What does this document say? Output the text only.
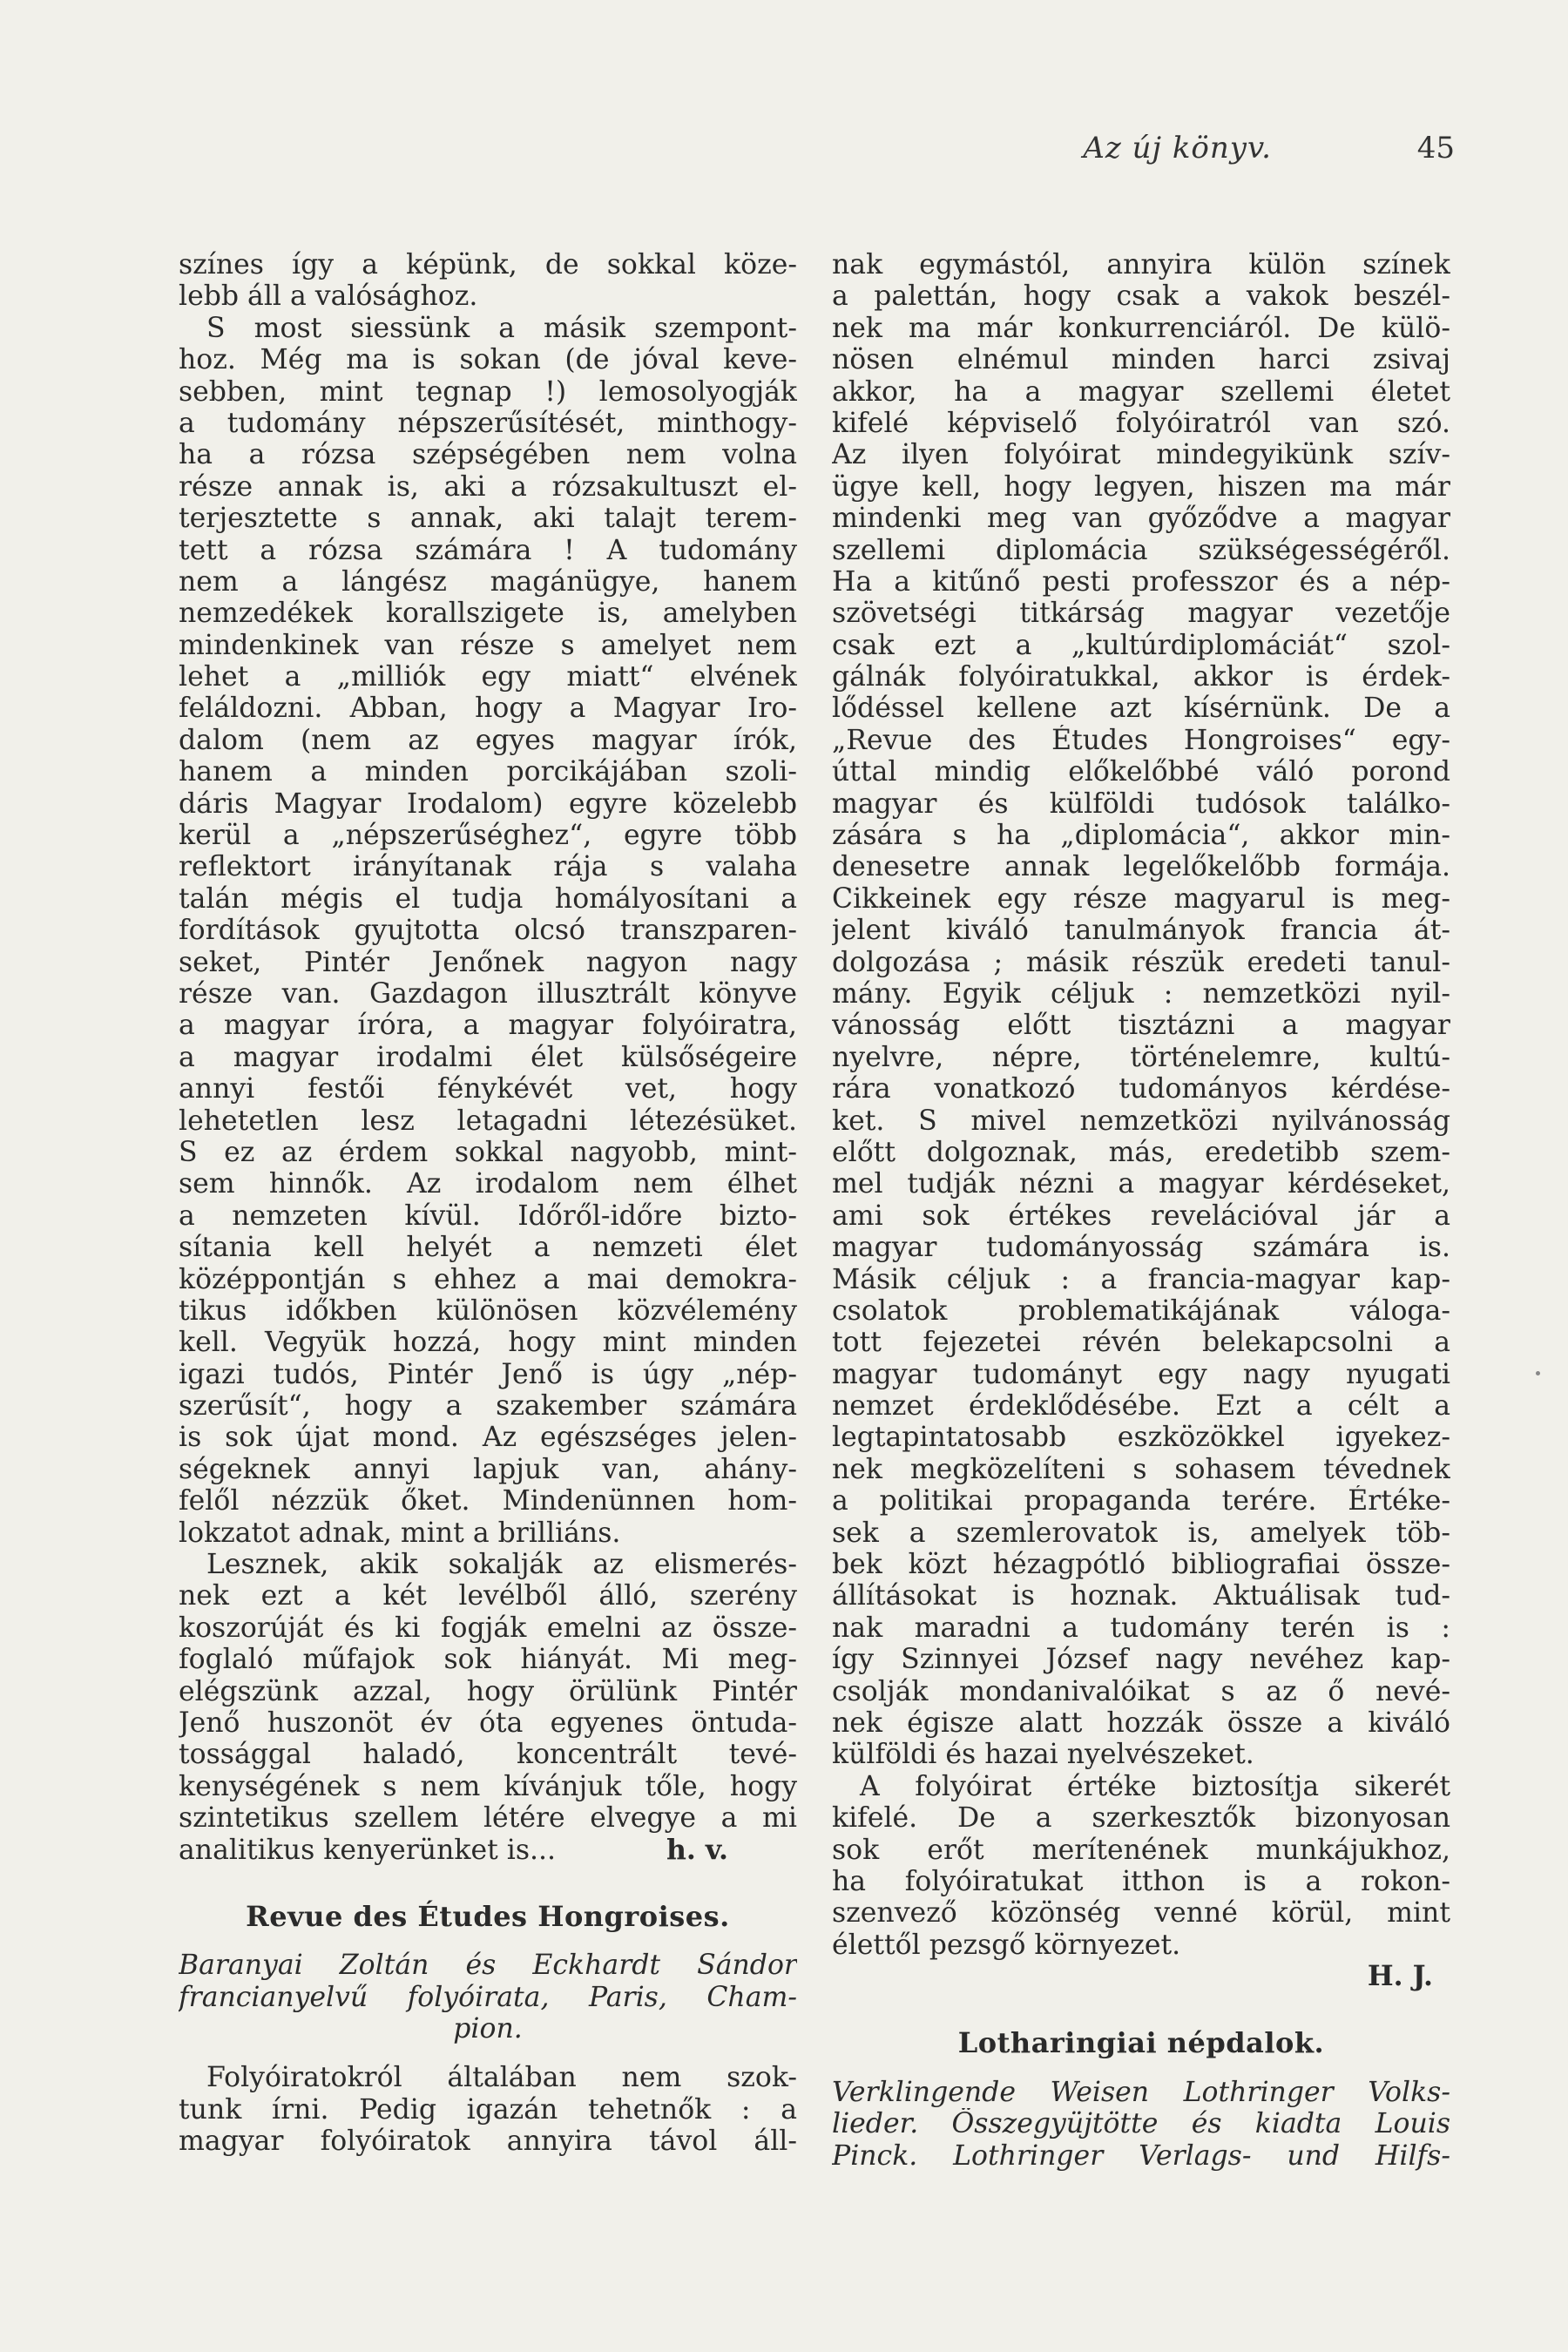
Az új könyv.	45
színes így a képünk, de sokkal köze-
lebb áll a valósághoz.
S most siessünk a másik szempont-
hoz. Még ma is sokan (de jóval keve-
sebben, mint tegnap !) lemosolyogják
a tudomány népszerűsítését, minthogy-
ha a rózsa szépségében nem volna
része annak is, aki a rózsakultuszt el-
terjesztette s annak, aki talajt terem-
tett a rózsa számára ! A tudomány
nem a lángész magánügye, hanem
nemzedékek korallszigete is, amelyben
mindenkinek van része s amelyet nem
lehet a „milliók egy miatt“ elvének
feláldozni. Abban, hogy a Magyar Iro-
dalom (nem az egyes magyar írók,
hanem a minden porcikájában szoli-
dáris Magyar Irodalom) egyre közelebb
kerül a „népszerűséghez“, egyre több
reflektort irányítanak rája s valaha
talán mégis el tudja homályosítani a
fordítások gyujtotta olcsó transzparen-
seket, Pintér Jenőnek nagyon nagy
része van. Gazdagon illusztrált könyve
a magyar íróra, a magyar folyóiratra,
a magyar irodalmi élet külsőségeire
annyi festői fénykévét vet, hogy
lehetetlen lesz letagadni létezésüket.
S ez az érdem sokkal nagyobb, mint-
sem hinnők. Az irodalom nem élhet
a nemzeten kívül. Időről-időre bizto-
sítania kell helyét a nemzeti élet
középpontján s ehhez a mai demokra-
tikus időkben különösen közvélemény
kell. Vegyük hozzá, hogy mint minden
igazi tudós, Pintér Jenő is úgy „nép-
szerűsít“, hogy a szakember számára
is sok újat mond. Az egészséges jelen-
ségeknek annyi lapjuk van, ahány-
felől nézzük őket. Mindenünnen hom-
lokzatot adnak, mint a brilliáns.
Lesznek, akik sokalják az elismerés-
nek ezt a két levélből álló, szerény
koszorúját és ki fogják emelni az össze-
foglaló műfajok sok hiányát. Mi meg-
elégszünk azzal, hogy örülünk Pintér
Jenő huszonöt év óta egyenes öntuda-
tossággal haladó, koncentrált tevé-
kenységének s nem kívánjuk tőle, hogy
szintetikus szellem létére elvegye a mi
analitikus kenyerünket is...	h. v.
Revue des Études Hongroises.
Baranyai Zoltán és Eckhardt Sándor
francianyelvű folyóirata, Paris, Cham-
pion.
Folyóiratokról általában nem szok-
tunk írni. Pedig igazán tehetnők : a
magyar folyóiratok annyira távol áll-
nak egymástól, annyira külön színek
a palettán, hogy csak a vakok beszél-
nek ma már konkurrenciáról. De külö-
nösen elnémul minden harci zsivaj
akkor, ha a magyar szellemi életet
kifelé képviselő folyóiratról van szó.
Az ilyen folyóirat mindegyikünk szív-
ügye kell, hogy legyen, hiszen ma már
mindenki meg van győződve a magyar
szellemi diplomácia szükségességéről.
Ha a kitűnő pesti professzor és a nép-
szövetségi titkárság magyar vezetője
csak ezt a „kultúrdiplomáciát“ szol-
gálnák folyóiratukkal, akkor is érdek-
lődéssel kellene azt kísérnünk. De a
„Revue des Études Hongroises“ egy-
úttal mindig előkelőbbé váló porond
magyar és külföldi tudósok találko-
zására s ha „diplomácia“, akkor min-
denesetre annak legelőkelőbb formája.
Cikkeinek egy része magyarul is meg-
jelent kiváló tanulmányok francia át-
dolgozása ; másik részük eredeti tanul-
mány. Egyik céljuk : nemzetközi nyil-
vánosság előtt tisztázni a magyar
nyelvre, népre, történelemre, kultú-
rára vonatkozó tudományos kérdése-
ket. S mivel nemzetközi nyilvánosság
előtt dolgoznak, más, eredetibb szem-
mel tudják nézni a magyar kérdéseket,
ami sok értékes revelációval jár a
magyar tudományosság számára is.
Másik céljuk : a francia-magyar kap-
csolatok problematikájának váloga-
tott fejezetei révén belekapcsolni a
magyar tudományt egy nagy nyugati
nemzet érdeklődésébe. Ezt a célt a
legtapintatosabb eszközökkel igyekez-
nek megközelíteni s sohasem tévednek
a politikai propaganda terére. Értéke-
sek a szemlerovatok is, amelyek töb-
bek közt hézagpótló bibliografiai össze-
állításokat is hoznak. Aktuálisak tud-
nak maradni a tudomány terén is :
így Szinnyei József nagy nevéhez kap-
csolják mondanivalóikat s az ő nevé-
nek égisze alatt hozzák össze a kiváló
külföldi és hazai nyelvészeket.
A folyóirat értéke biztosítja sikerét
kifelé. De a szerkesztők bizonyosan
sok erőt merítenének munkájukhoz,
ha folyóiratukat itthon is a rokon-
szenvező közönség venné körül, mint
élettől pezsgő környezet.
H. J.
Lotharingiai népdalok.
Verklingende Weisen Lothringer Volks-
lieder. Összegyüjtötte és kiadta Louis
Pinck. Lothringer Verlags- und Hilfs-
